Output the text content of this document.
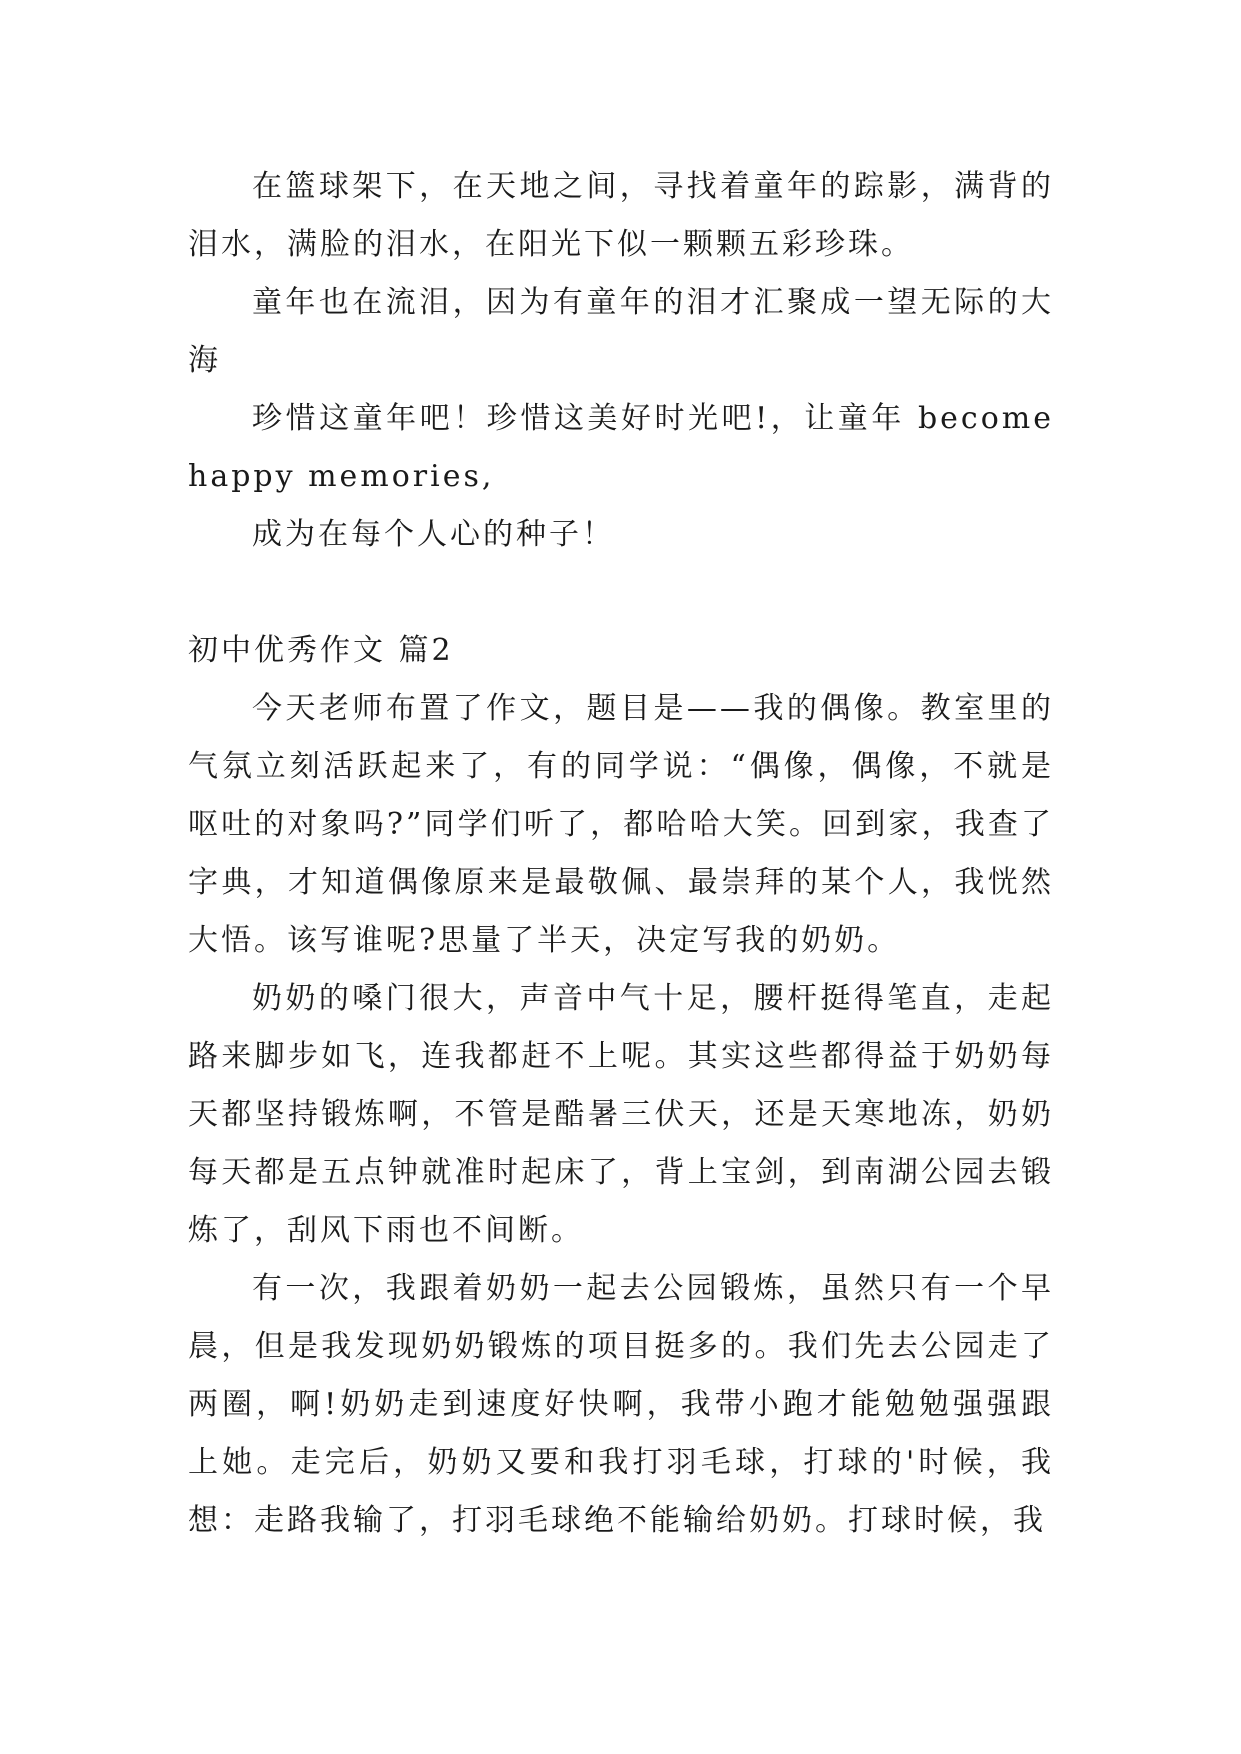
在篮球架下，在天地之间，寻找着童年的踪影，满背的泪水，满脸的泪水，在阳光下似一颗颗五彩珍珠。

童年也在流泪，因为有童年的泪才汇聚成一望无际的大海

珍惜这童年吧！珍惜这美好时光吧!，让童年 become happy memories,

成为在每个人心的种子！

初中优秀作文 篇2

今天老师布置了作文，题目是——我的偶像。教室里的气氛立刻活跃起来了，有的同学说：“偶像，偶像，不就是呕吐的对象吗?”同学们听了，都哈哈大笑。回到家，我查了字典，才知道偶像原来是最敬佩、最崇拜的某个人，我恍然大悟。该写谁呢?思量了半天，决定写我的奶奶。

奶奶的嗓门很大，声音中气十足，腰杆挺得笔直，走起路来脚步如飞，连我都赶不上呢。其实这些都得益于奶奶每天都坚持锻炼啊，不管是酷暑三伏天，还是天寒地冻，奶奶每天都是五点钟就准时起床了，背上宝剑，到南湖公园去锻炼了，刮风下雨也不间断。

有一次，我跟着奶奶一起去公园锻炼，虽然只有一个早晨，但是我发现奶奶锻炼的项目挺多的。我们先去公园走了两圈，啊!奶奶走到速度好快啊，我带小跑才能勉勉强强跟上她。走完后，奶奶又要和我打羽毛球，打球的'时候，我想：走路我输了，打羽毛球绝不能输给奶奶。打球时候，我
